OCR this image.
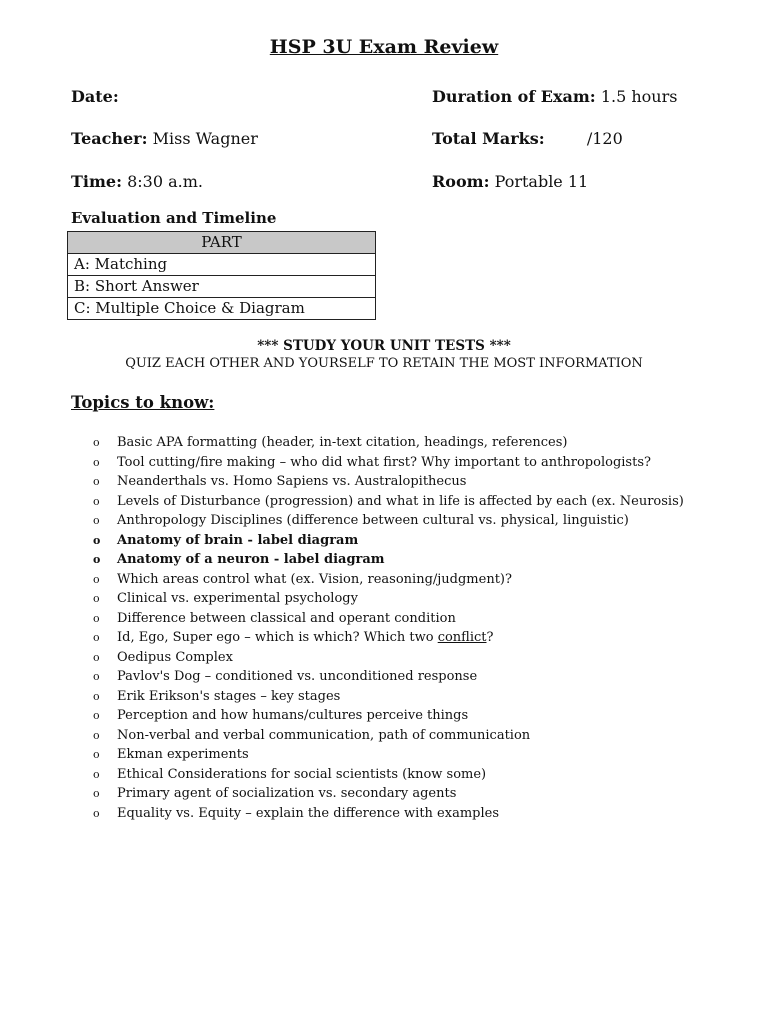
HSP 3U Exam Review
Date:
Teacher: Miss Wagner
Time: 8:30 a.m.
Duration of Exam: 1.5 hours
Total Marks:	/120
Room: Portable 11
Evaluation and Timeline
PART
A: Matching
B: Short Answer
C: Multiple Choice & Diagram
*** STUDY YOUR UNIT TESTS ***
QUIZ EACH OTHER AND YOURSELF TO RETAIN THE MOST INFORMATION
Topics to know:
o Basic APA formatting (header, in-text citation, headings, references)
o Tool cutting/fire making – who did what first? Why important to anthropologists?
o Neanderthals vs. Homo Sapiens vs. Australopithecus
o Levels of Disturbance (progression) and what in life is affected by each (ex. Neurosis)
o Anthropology Disciplines (difference between cultural vs. physical, linguistic)
o Anatomy of brain - label diagram
o Anatomy of a neuron - label diagram
o Which areas control what (ex. Vision, reasoning/judgment)?
o Clinical vs. experimental psychology
o Difference between classical and operant condition
o Id, Ego, Super ego – which is which? Which two conflict?
o Oedipus Complex
o Pavlov's Dog – conditioned vs. unconditioned response
o Erik Erikson's stages – key stages
o Perception and how humans/cultures perceive things
o Non-verbal and verbal communication, path of communication
o Ekman experiments
o Ethical Considerations for social scientists (know some)
o Primary agent of socialization vs. secondary agents
o Equality vs. Equity – explain the difference with examples
